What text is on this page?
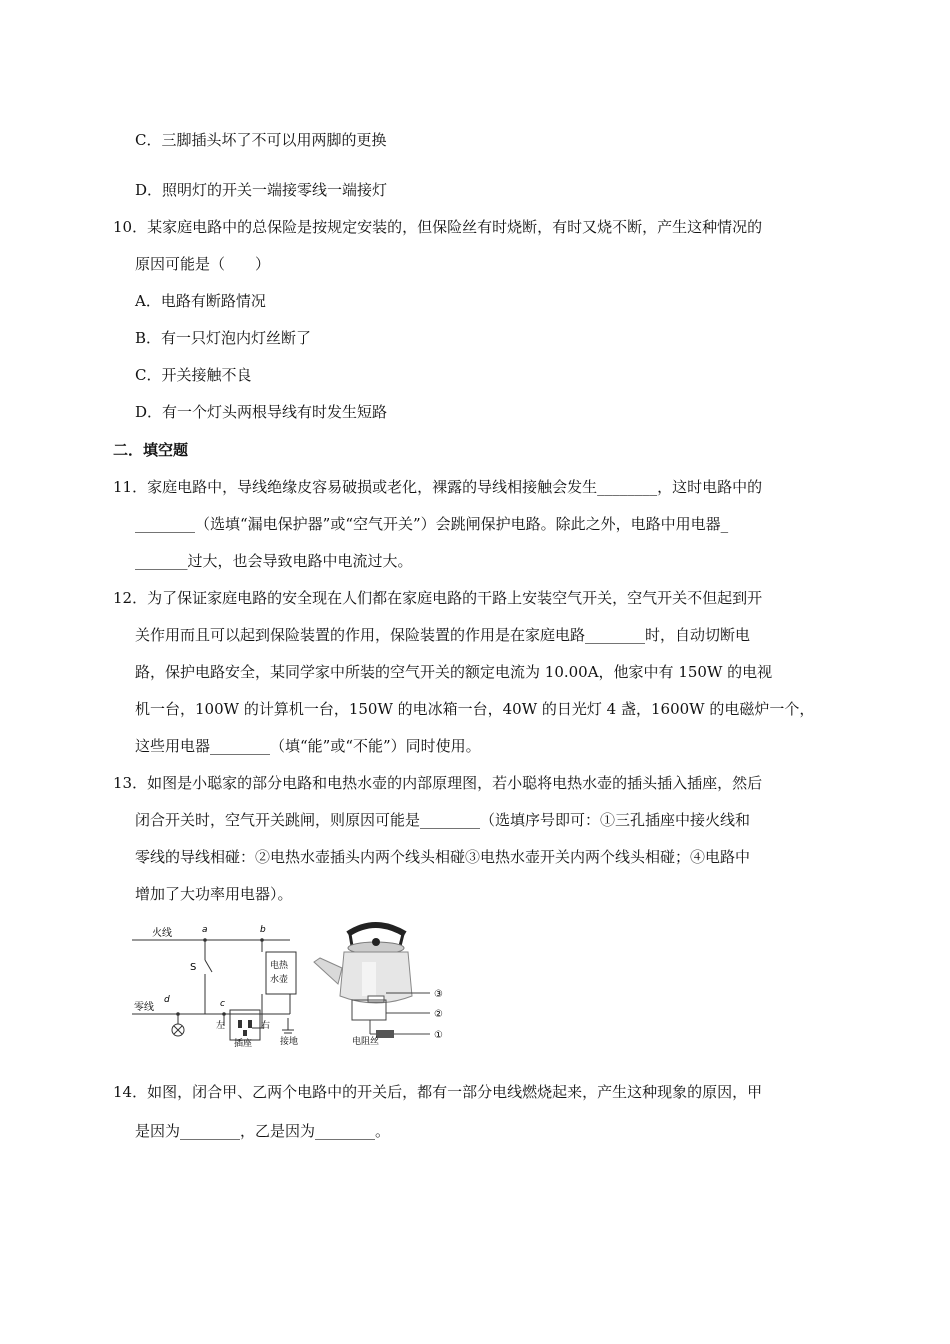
C．三脚插头坏了不可以用两脚的更换
D．照明灯的开关一端接零线一端接灯
10．某家庭电路中的总保险是按规定安装的，但保险丝有时烧断，有时又烧不断，产生这种情况的
原因可能是（　　）
A．电路有断路情况
B．有一只灯泡内灯丝断了
C．开关接触不良
D．有一个灯头两根导线有时发生短路
二．填空题
11．家庭电路中，导线绝缘皮容易破损或老化，裸露的导线相接触会发生________，这时电路中的
________（选填“漏电保护器”或“空气开关”）会跳闸保护电路。除此之外，电路中用电器_
_______过大，也会导致电路中电流过大。
12．为了保证家庭电路的安全现在人们都在家庭电路的干路上安装空气开关，空气开关不但起到开
关作用而且可以起到保险装置的作用，保险装置的作用是在家庭电路________时，自动切断电
路，保护电路安全，某同学家中所装的空气开关的额定电流为 10.00A，他家中有 150W 的电视
机一台，100W 的计算机一台，150W 的电冰箱一台，40W 的日光灯 4 盏，1600W 的电磁炉一个，
这些用电器________（填“能”或“不能”）同时使用。
13．如图是小聪家的部分电路和电热水壶的内部原理图，若小聪将电热水壶的插头插入插座，然后
闭合开关时，空气开关跳闸，则原因可能是________（选填序号即可：①三孔插座中接火线和
零线的导线相碰：②电热水壶插头内两个线头相碰③电热水壶开关内两个线头相碰；④电路中
增加了大功率用电器）。
火线
零线
a	b
c
d
S	电热
水壶
左	右
插座	接地
③
②
①
电阻丝
14．如图，闭合甲、乙两个电路中的开关后，都有一部分电线燃烧起来，产生这种现象的原因，甲
是因为________，乙是因为________。
